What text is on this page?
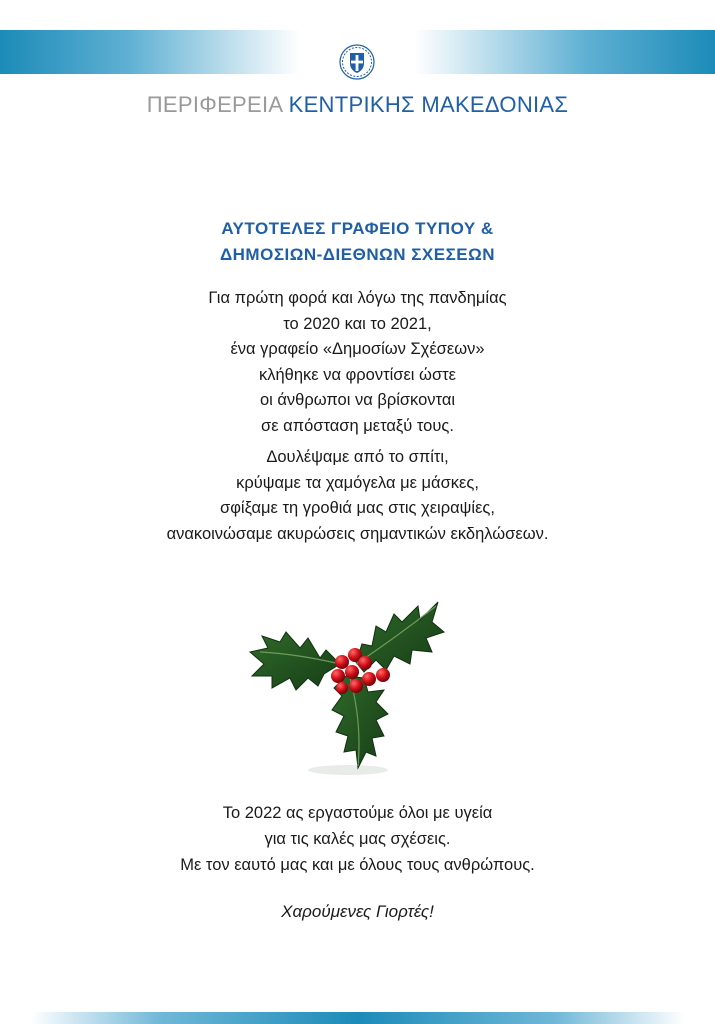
ΠΕΡΙΦΕΡΕΙΑ ΚΕΝΤΡΙΚΗΣ ΜΑΚΕΔΟΝΙΑΣ
ΑΥΤΟΤΕΛΕΣ ΓΡΑΦΕΙΟ ΤΥΠΟΥ &
ΔΗΜΟΣΙΩΝ-ΔΙΕΘΝΩΝ ΣΧΕΣΕΩΝ
Για πρώτη φορά και λόγω της πανδημίας
το 2020 και το 2021,
ένα γραφείο «Δημοσίων Σχέσεων»
κλήθηκε να φροντίσει ώστε
οι άνθρωποι να βρίσκονται
σε απόσταση μεταξύ τους.
Δουλέψαμε από το σπίτι,
κρύψαμε τα χαμόγελα με μάσκες,
σφίξαμε τη γροθιά μας στις χειραψίες,
ανακοινώσαμε ακυρώσεις σημαντικών εκδηλώσεων.
Το 2022 ας εργαστούμε όλοι με υγεία
για τις καλές μας σχέσεις.
Με τον εαυτό μας και με όλους τους ανθρώπους.
Χαρούμενες Γιορτές!
